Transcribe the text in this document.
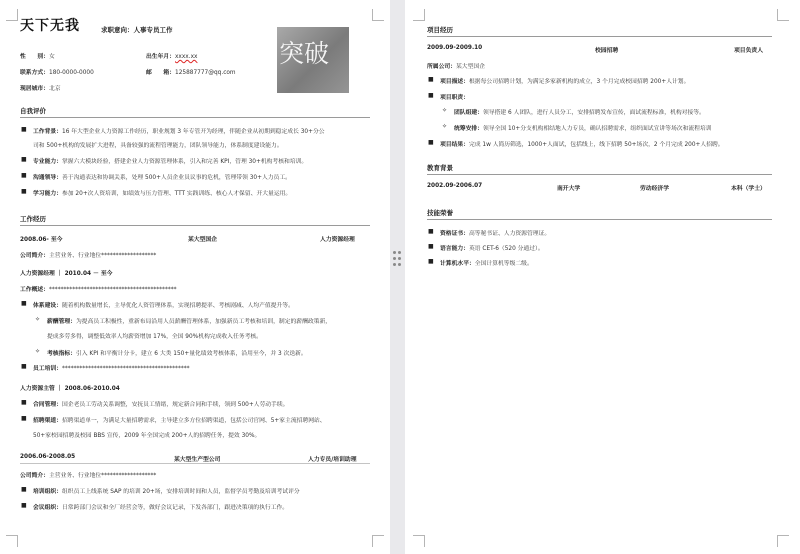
天下无我	求职意向：人事专员工作
性　　别：女	出生年月：xxxx.xx
联系方式：180-0000-0000	邮　　箱：125887777@qq.com
现居城市：北京
突破
自我评价
■ 工作背景：16 年大型企业人力资源工作经历，职业规划 3 年专管开为经理，伴随企业从初期到稳定成长 30+分公
司和 500+机构的发展扩大进程，具备较强的流程管理能力，团队领导能力，体系制度建设能力。
■ 专业能力：掌握六大模块经验，搭建企业人力资源管理体系，引入和完善 KPI，管理 30+机构考核和培训。
■ 沟通领导：善于沟通表达和协调关系，处理 500+人员企业员议事的危机，管理带领 30+人力员工。
■ 学习能力：参加 20+次人资培训，如绩效与压力管理、TTT 实践训练、核心人才保留、开大量运用。
工作经历
2008.06- 至今	某大型国企	人力资源经理
公司简介：主营业务、行业地位*******************
人力资源经理 ｜ 2010.04 － 至今
工作概述：********************************************
■ 体系建设：随着机构数量增长，主导优化人资管理体系，实现招聘提率、考核剧减、人均产值提升等。
✧ 薪酬管理：为提高员工积极性，重新布局沿用人员薪酬管理体系，加强新员工考核和培训，制定的薪酬政策新，
提成多劳多得，调整低效率人均薪资增加 17%，全国 90%机构完成收入任务考核。
✧ 考核指标：引入 KPI 和平衡计分卡，建立 6 大类 150+量化绩效考核体系，沿用至今，并 3 次迭新。
■ 员工培训：********************************************
人力资源主管 ｜ 2008.06-2010.04
■ 合同管理：国企老员工劳动关系调整，安抚员工情绪，规定新合同和手续，领到 500+人劳动手续。
■ 招聘渠道：招聘渠道单一，为满足大量招聘需求，主导建立多方位招聘渠道，包括公司官网、5+家主流招聘网站、
50+家校园招聘及校园 BBS 宣传，2009 年全国完成 200+人的招聘任务，提效 30%。
2006.06-2008.05	某大型生产型公司	人力专员/培训助理
公司简介：主营业务、行业地位*******************
■ 培训组织：组织员工上线系统 SAP 的培训 20+场，安排培训时间和人员，监督学员考勤及培训考试评分
■ 会议组织：日常跨部门会议和全厂经营会等，做好会议记录，下发各部门，跟进决策项的执行工作。
项目经历
2009.09-2009.10	校园招聘	项目负责人
所属公司：某大型国企
■ 项目描述：根据每公司招聘计划，为满足多家新机构的成立，3 个月完成校园招聘 200+人计划。
■ 项目职责：
✧ 团队组建：领导搭建 6 人团队，进行人员分工，安排招聘发布宣传，面试流程标准，机构对接等。
✧ 统筹安排：领导全国 10+分支机构相结地人力专员，确认招聘需求，组织面试宣讲等场次和流程培训
■ 项目结果：完成 1w 人简历筛选，1000+人面试，包括线上，线下招聘 50+场次，2 个月完成 200+人招聘。
教育背景
2002.09-2006.07	南开大学	劳动经济学	本科（学士）
技能荣誉
■ 资格证书：高等秘书证、人力资源管理证。
■ 语言能力：英语 CET-6（520 分通过）。
■ 计算机水平：全国计算机等级二级。
